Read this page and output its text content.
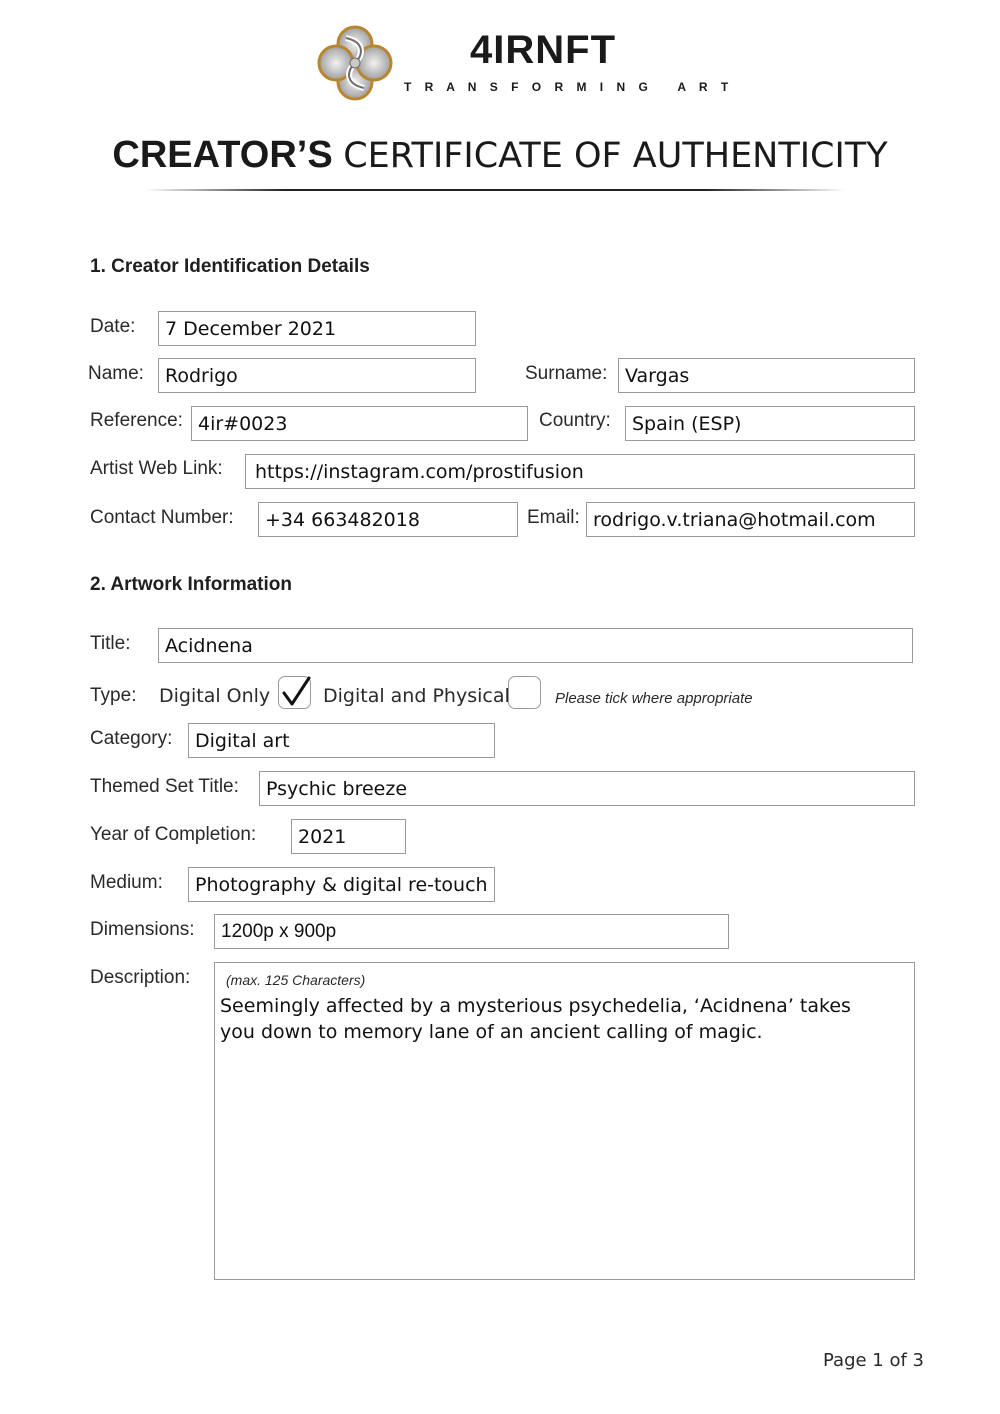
4IRNFT
T R A N S F O R M I N G   A R T
CREATOR’S CERTIFICATE OF AUTHENTICITY
1. Creator Identification Details
Date:	7 December 2021
Name:	Rodrigo	Surname: Vargas
Reference: 4ir#0023	Country:	Spain (ESP)
Artist Web Link:	https://instagram.com/prostifusion
Contact Number:	+34 663482018	Email: rodrigo.v.triana@hotmail.com
2. Artwork Information
Title:	Acidnena
Type: Digital Only	Digital and Physical	Please tick where appropriate
Category:	Digital art
Themed Set Title:	Psychic breeze
Year of Completion:	2021
Medium:	Photography & digital re-touch
Dimensions:	1200p x 900p
Description:	(max. 125 Characters)
Seemingly affected by a mysterious psychedelia, ‘Acidnena’ takes you down to memory lane of an ancient calling of magic.
Page 1 of 3
